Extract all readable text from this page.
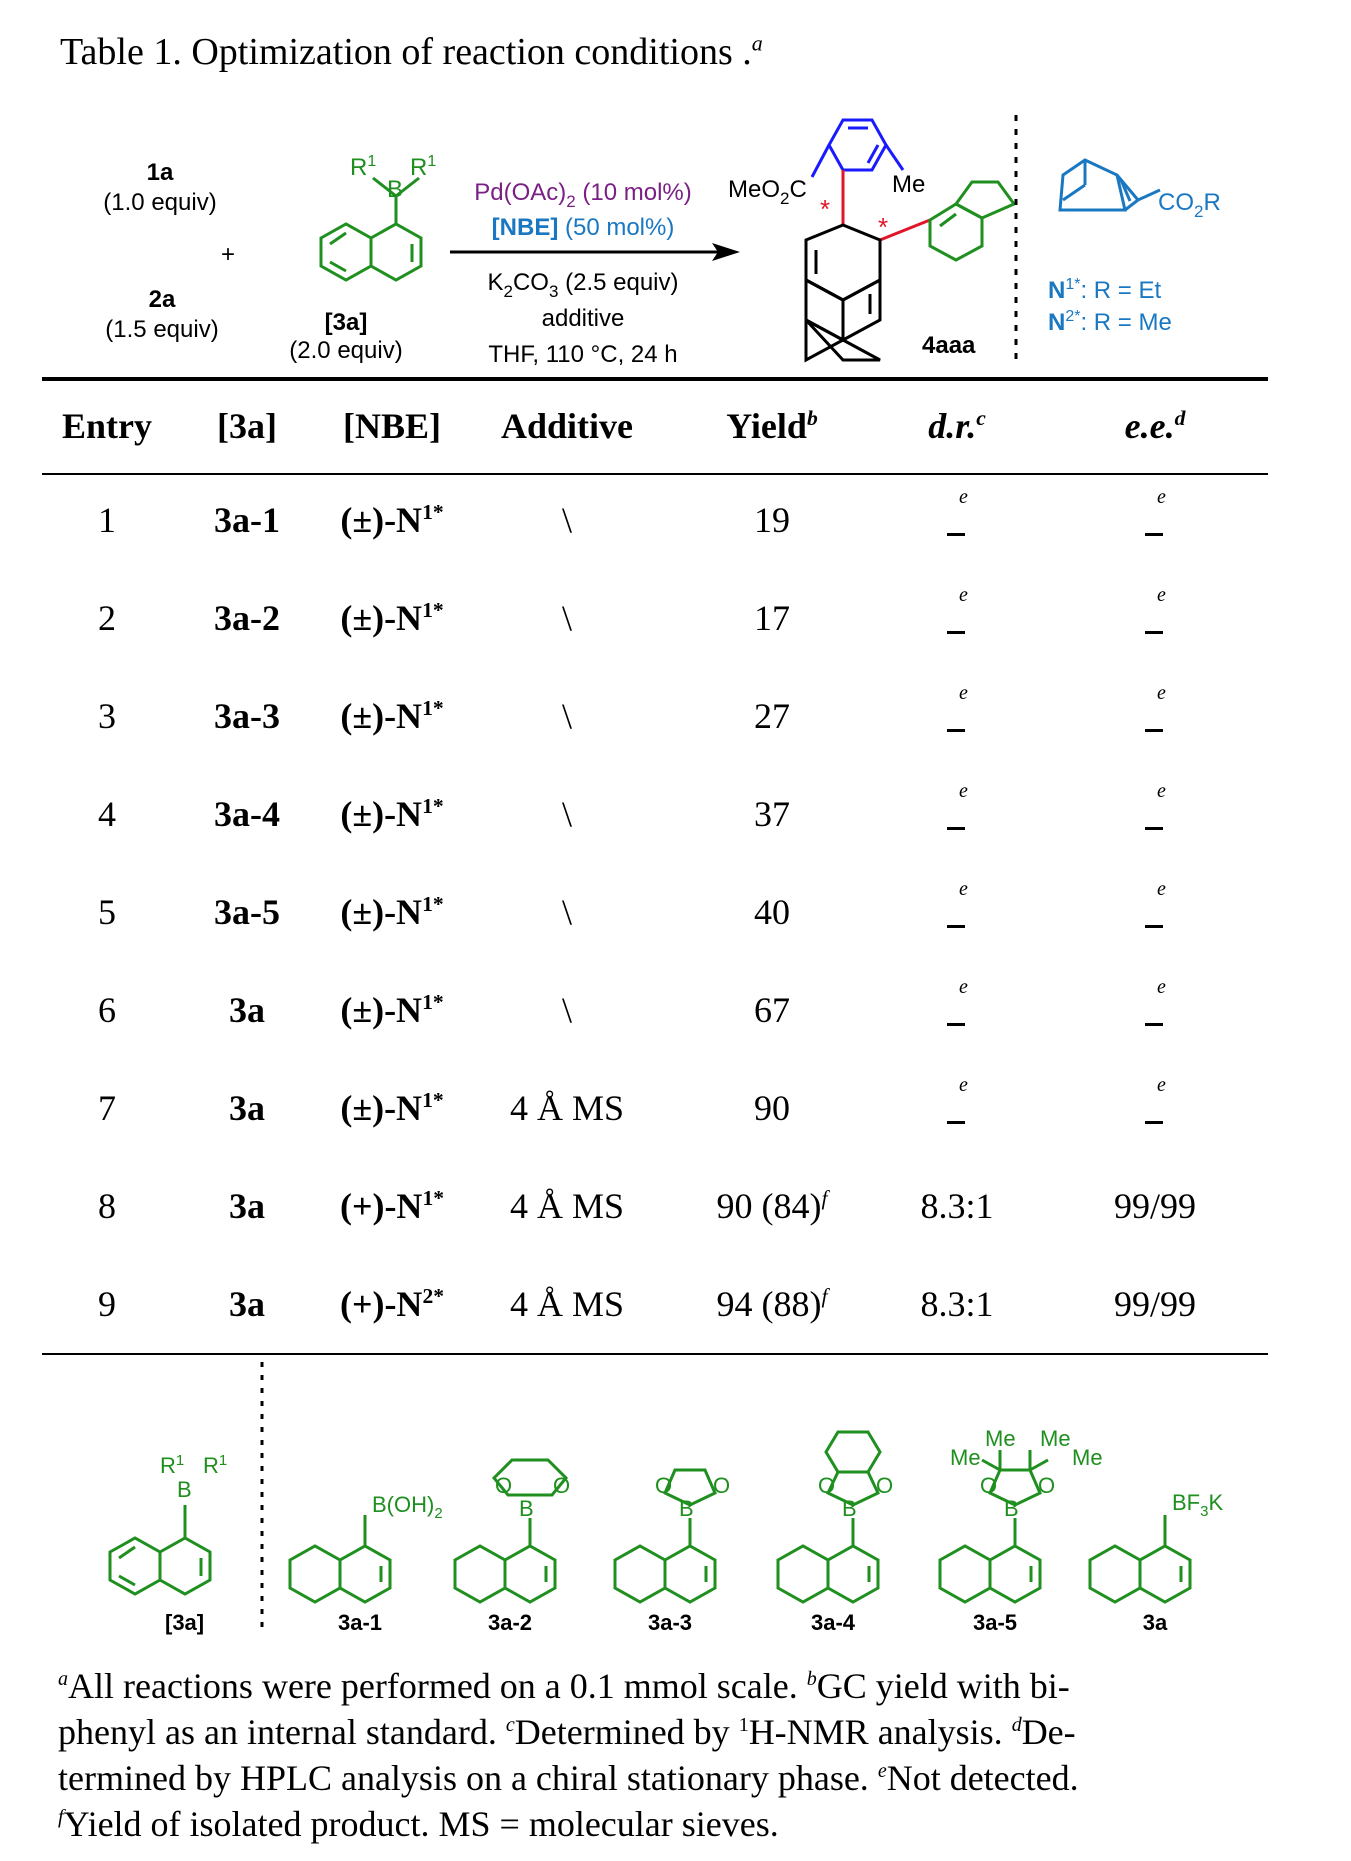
Table 1. Optimization of reaction conditions .$^a$
1a
(1.0 equiv)
+
2a
(1.5 equiv)
$R^1$
B
$R^1$
[3a]
(2.0 equiv)
$Pd(OAc)_2$ (10 mol%)
[NBE] (50 mol%)
$K_2CO_3$ (2.5 equiv)
additive
THF, 110 °C, 24 h
MeO$_2$C	Me
*
*
4aaa
$CO_2R$
$N^{1*}$: R = Et
$N^{2*}$: R = Me
Entry	[3a]	[NBE]	Additive	Yield$^b$	d.r.$^c$	e.e.$^d$
1	3a-1	$(\pm)-N^{1*}$	\	19	e	e

2	3a-2	$(\pm)-N^{1*}$	\	17	e	e

3	3a-3	$(\pm)-N^{1*}$	\	27	e	e

4	3a-4	$(\pm)-N^{1*}$	\	37	e	e

5	3a-5	$(\pm)-N^{1*}$	\	40	e	e

6	3a	$(\pm)-N^{1*}$	\	67	e	e

7	3a	$(\pm)-N^{1*}$	4 Å MS	90	e	e

8	3a	$(+)-N^{1*}$	4 Å MS	90 $(84)^f$	8.3:1	99/99
9	3a	$(+)-N^{2*}$	4 Å MS	94 $(88)^f$	8.3:1	99/99
$R^1$
B
$R^1$
[3a]
$B(OH)_2$
3a-1
B
O O
3a-2
B
O O
3a-3
B
O O
3a-4
B
O O
Me Me
Me	Me
3a-5
$BF_3K$
3a
$^a$All reactions were performed on a 0.1 mmol scale. $^b$GC yield with bi-
phenyl as an internal standard. $^c$Determined by $^1$H-NMR analysis. $^d$De-
termined by HPLC analysis on a chiral stationary phase. $^e$Not detected.
$^f$Yield of isolated product. MS = molecular sieves.
